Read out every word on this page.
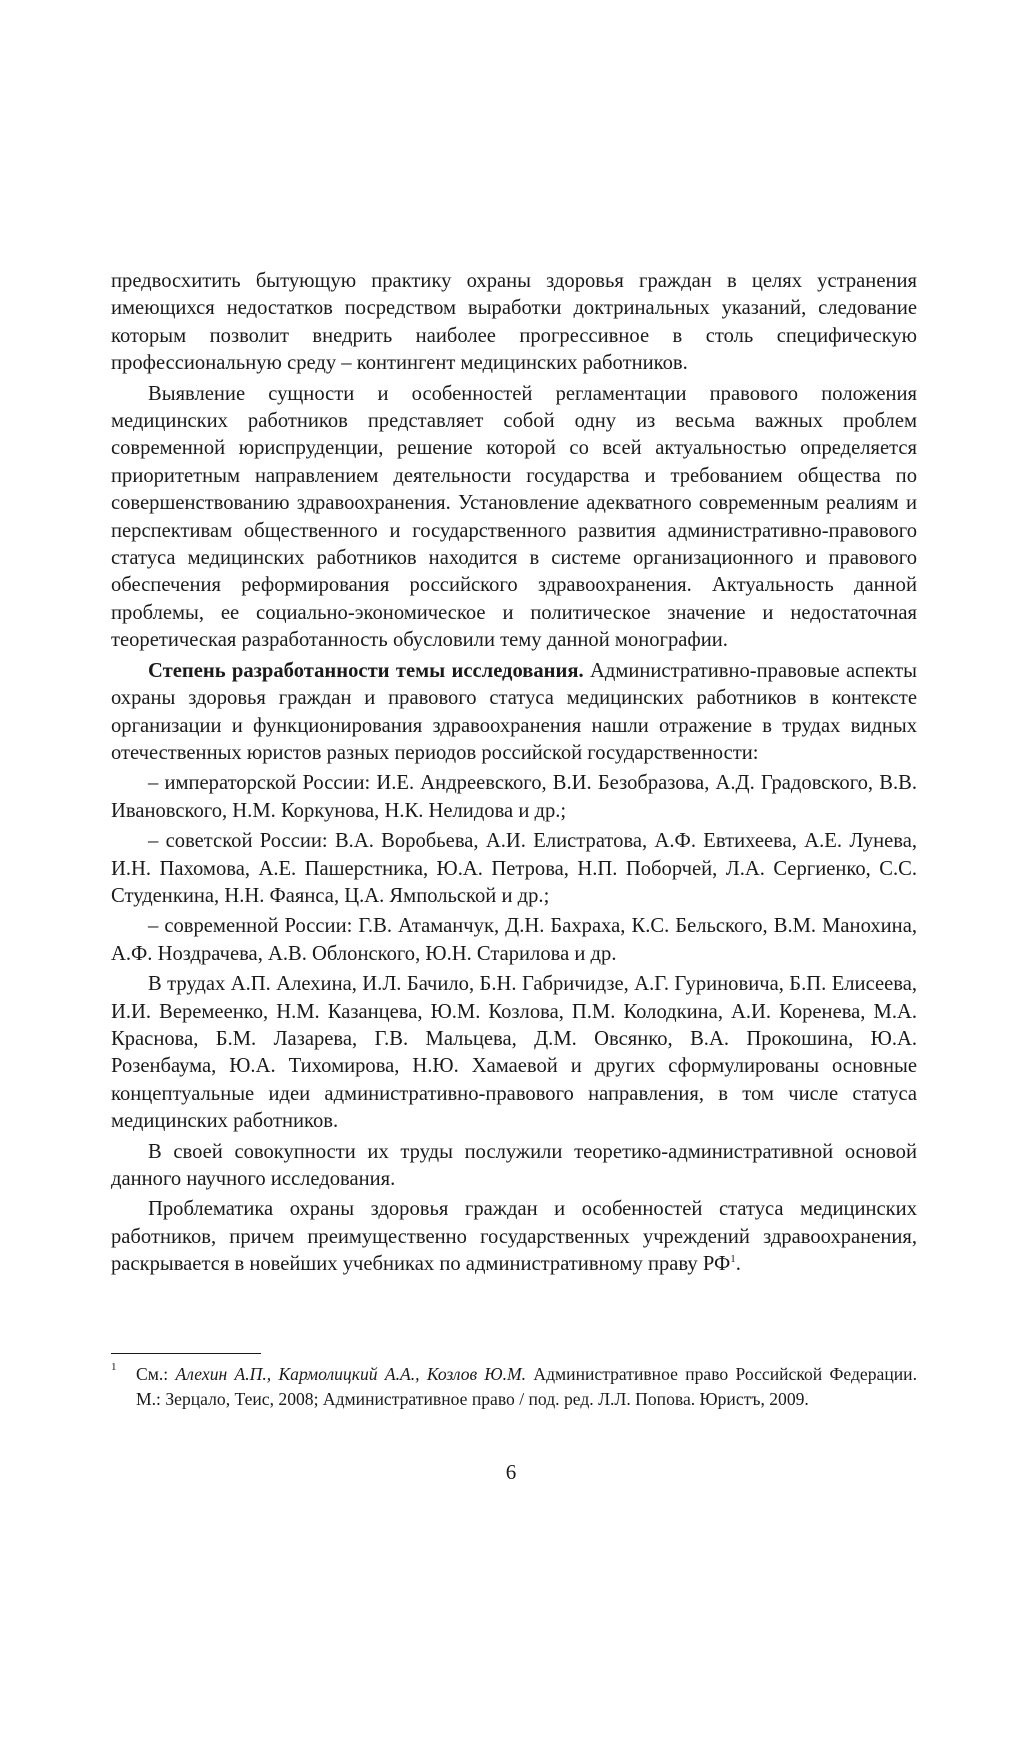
предвосхитить бытующую практику охраны здоровья граждан в целях устранения имеющихся недостатков посредством выработки доктринальных указаний, следование которым позволит внедрить наиболее прогрессивное в столь специфическую профессиональную среду – контингент медицинских работников.

Выявление сущности и особенностей регламентации правового положения медицинских работников представляет собой одну из весьма важных проблем современной юриспруденции, решение которой со всей актуальностью определяется приоритетным направлением деятельности государства и требованием общества по совершенствованию здравоохранения. Установление адекватного современным реалиям и перспективам общественного и государственного развития административно-правового статуса медицинских работников находится в системе организационного и правового обеспечения реформирования российского здравоохранения. Актуальность данной проблемы, ее социально-экономическое и политическое значение и недостаточная теоретическая разработанность обусловили тему данной монографии.

Степень разработанности темы исследования. Административно-правовые аспекты охраны здоровья граждан и правового статуса медицинских работников в контексте организации и функционирования здравоохранения нашли отражение в трудах видных отечественных юристов разных периодов российской государственности:

– императорской России: И.Е. Андреевского, В.И. Безобразова, А.Д. Градовского, В.В. Ивановского, Н.М. Коркунова, Н.К. Нелидова и др.;

– советской России: В.А. Воробьева, А.И. Елистратова, А.Ф. Евтихеева, А.Е. Лунева, И.Н. Пахомова, А.Е. Пашерстника, Ю.А. Петрова, Н.П. Поборчей, Л.А. Сергиенко, С.С. Студенкина, Н.Н. Фаянса, Ц.А. Ямпольской и др.;

– современной России: Г.В. Атаманчук, Д.Н. Бахраха, К.С. Бельского, В.М. Манохина, А.Ф. Ноздрачева, А.В. Облонского, Ю.Н. Старилова и др.

В трудах А.П. Алехина, И.Л. Бачило, Б.Н. Габричидзе, А.Г. Гуриновича, Б.П. Елисеева, И.И. Веремеенко, Н.М. Казанцева, Ю.М. Козлова, П.М. Колодкина, А.И. Коренева, М.А. Краснова, Б.М. Лазарева, Г.В. Мальцева, Д.М. Овсянко, В.А. Прокошина, Ю.А. Розенбаума, Ю.А. Тихомирова, Н.Ю. Хамаевой и других сформулированы основные концептуальные идеи административно-правового направления, в том числе статуса медицинских работников.

В своей совокупности их труды послужили теоретико-административной основой данного научного исследования.

Проблематика охраны здоровья граждан и особенностей статуса медицинских работников, причем преимущественно государственных учреждений здравоохранения, раскрывается в новейших учебниках по административному праву $РФ^1$.

1	См.: Алехин А.П., Кармолицкий А.А., Козлов Ю.М. Административное право Российской Федерации. М.: Зерцало, Теис, 2008; Административное право / под. ред. Л.Л. Попова. Юристъ, 2009.
6
